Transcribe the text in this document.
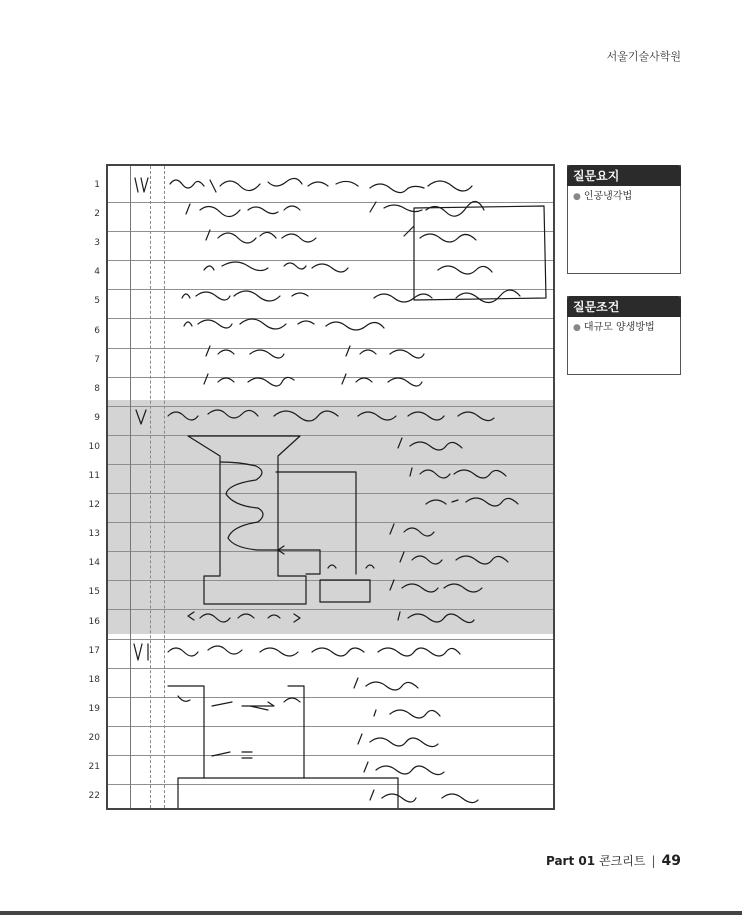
서울기술사학원
1
2
3
4
5
6
7
8
9
10
11
12
13
14
15
16
17
18
19
20
21
22
질문요지
● 인공냉각법
질문조건
● 대규모 양생방법
Part 01 콘크리트 | 49
